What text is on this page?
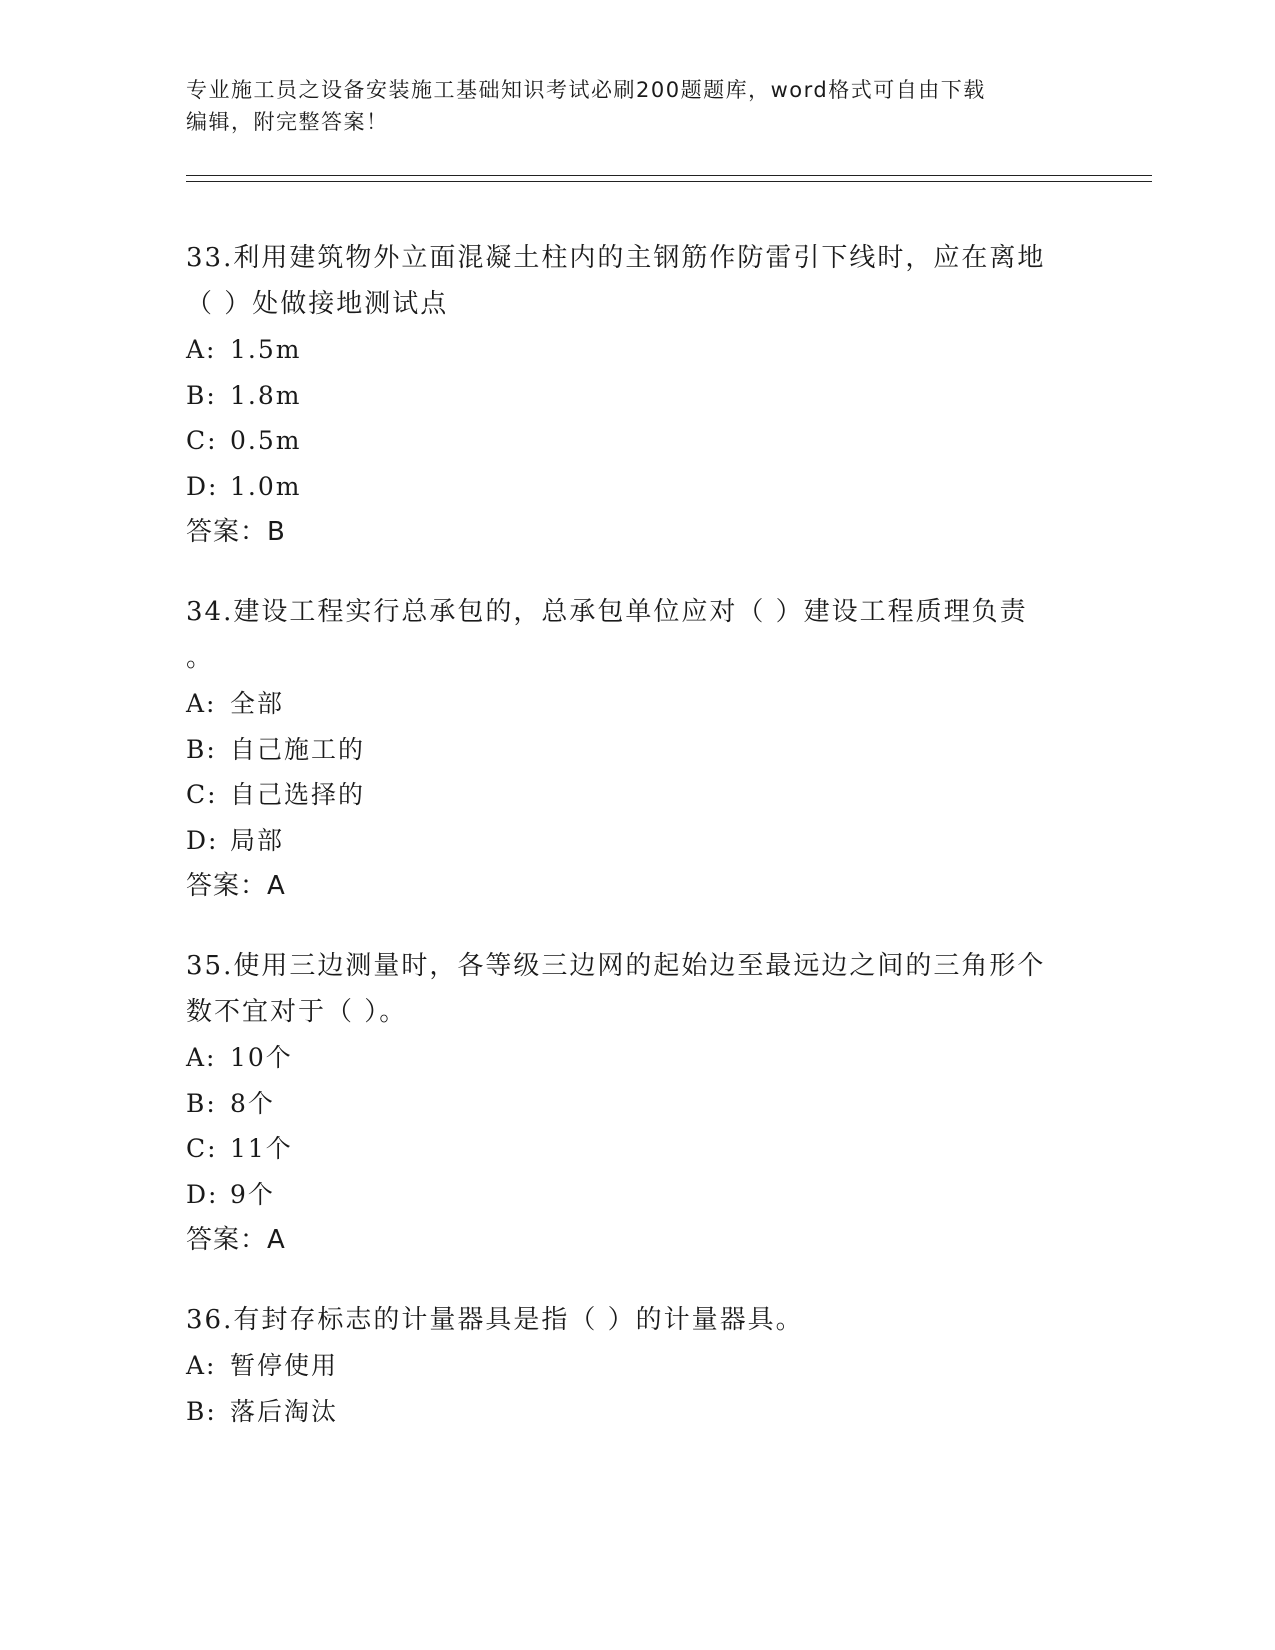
专业施工员之设备安装施工基础知识考试必刷200题题库，word格式可自由下载
编辑，附完整答案！

33.利用建筑物外立面混凝土柱内的主钢筋作防雷引下线时，应在离地

（ ）处做接地测试点

A: 1.5m

B: 1.8m

C: 0.5m

D: 1.0m

答案：B

34.建设工程实行总承包的，总承包单位应对（ ）建设工程质理负责

。

A: 全部

B: 自己施工的

C: 自己选择的

D: 局部

答案：A

35.使用三边测量时，各等级三边网的起始边至最远边之间的三角形个

数不宜对于（ ）。

A: 10个

B: 8个

C: 11个

D: 9个

答案：A

36.有封存标志的计量器具是指（ ）的计量器具。

A: 暂停使用

B: 落后淘汰
